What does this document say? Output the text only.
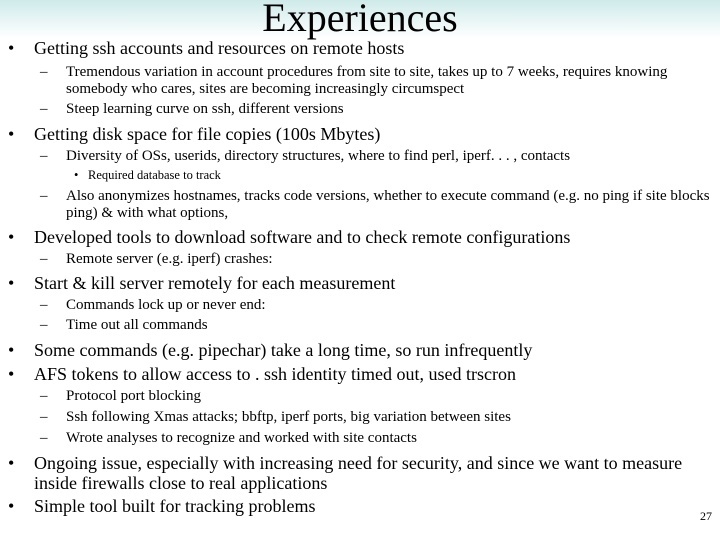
Experiences
• Getting ssh accounts and resources on remote hosts
– Tremendous variation in account procedures from site to site, takes up to 7 weeks, requires knowing somebody who cares, sites are becoming increasingly circumspect
– Steep learning curve on ssh, different versions
• Getting disk space for file copies (100s Mbytes)
– Diversity of OSs, userids, directory structures, where to find perl, iperf. . . , contacts
• Required database to track
– Also anonymizes hostnames, tracks code versions, whether to execute command (e.g. no ping if site blocks ping) & with what options,
• Developed tools to download software and to check remote configurations
– Remote server (e.g. iperf) crashes:
• Start & kill server remotely for each measurement
– Commands lock up or never end:
– Time out all commands
• Some commands (e.g. pipechar) take a long time, so run infrequently
• AFS tokens to allow access to . ssh identity timed out, used trscron
– Protocol port blocking
– Ssh following Xmas attacks; bbftp, iperf ports, big variation between sites
– Wrote analyses to recognize and worked with site contacts
• Ongoing issue, especially with increasing need for security, and since we want to measure inside firewalls close to real applications
• Simple tool built for tracking problems	27
